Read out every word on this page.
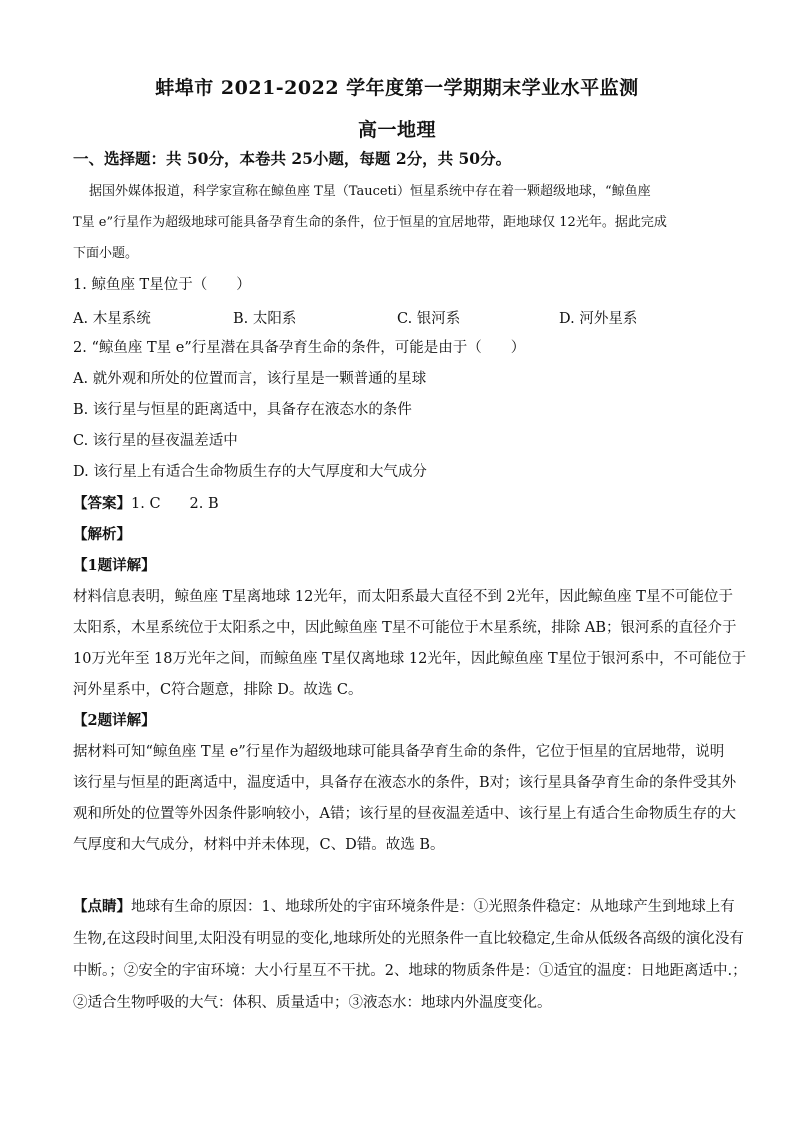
蚌埠市 2021-2022 学年度第一学期期末学业水平监测
高一地理
一、选择题：共 50分，本卷共 25小题，每题 2分，共 50分。
据国外媒体报道，科学家宣称在鲸鱼座 T星（Tauceti）恒星系统中存在着一颗超级地球，“鲸鱼座
T星 e”行星作为超级地球可能具备孕育生命的条件，位于恒星的宜居地带，距地球仅 12光年。据此完成
下面小题。
1. 鲸鱼座 T星位于（　　）
A. 木星系统	B. 太阳系	C. 银河系	D. 河外星系
2. “鲸鱼座 T星 e”行星潜在具备孕育生命的条件，可能是由于（　　）
A. 就外观和所处的位置而言，该行星是一颗普通的星球
B. 该行星与恒星的距离适中，具备存在液态水的条件
C. 该行星的昼夜温差适中
D. 该行星上有适合生命物质生存的大气厚度和大气成分
【答案】1. C　　2. B
【解析】
【1题详解】
材料信息表明，鲸鱼座 T星离地球 12光年，而太阳系最大直径不到 2光年，因此鲸鱼座 T星不可能位于
太阳系，木星系统位于太阳系之中，因此鲸鱼座 T星不可能位于木星系统，排除 AB；银河系的直径介于
10万光年至 18万光年之间，而鲸鱼座 T星仅离地球 12光年，因此鲸鱼座 T星位于银河系中，不可能位于
河外星系中，C符合题意，排除 D。故选 C。
【2题详解】
据材料可知“鲸鱼座 T星 e”行星作为超级地球可能具备孕育生命的条件，它位于恒星的宜居地带，说明
该行星与恒星的距离适中，温度适中，具备存在液态水的条件，B对；该行星具备孕育生命的条件受其外
观和所处的位置等外因条件影响较小，A错；该行星的昼夜温差适中、该行星上有适合生命物质生存的大
气厚度和大气成分，材料中并未体现，C、D错。故选 B。
【点睛】地球有生命的原因：1、地球所处的宇宙环境条件是：①光照条件稳定：从地球产生到地球上有
生物,在这段时间里,太阳没有明显的变化,地球所处的光照条件一直比较稳定,生命从低级各高级的演化没有
中断。；②安全的宇宙环境：大小行星互不干扰。2、地球的物质条件是：①适宜的温度：日地距离适中.；
②适合生物呼吸的大气：体积、质量适中；③液态水：地球内外温度变化。
